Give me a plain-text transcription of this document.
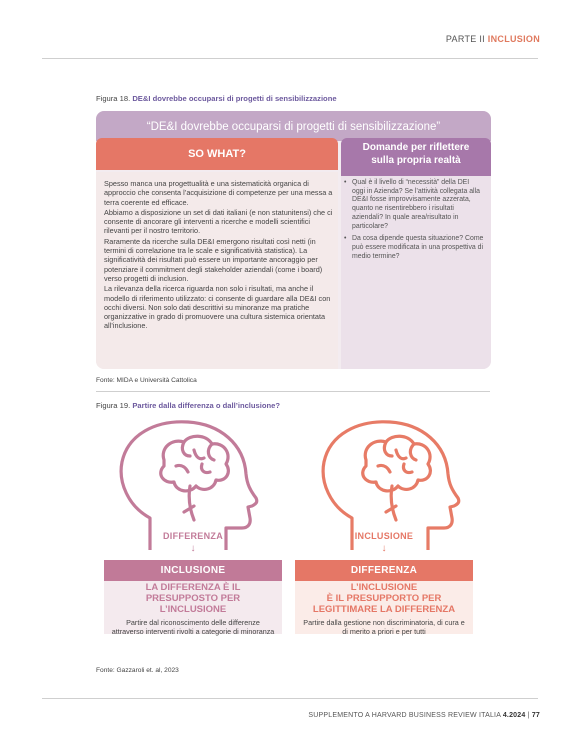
PARTE II INCLUSION
Figura 18. DE&I dovrebbe occuparsi di progetti di sensibilizzazione
“DE&I dovrebbe occuparsi di progetti di sensibilizzazione”
SO WHAT?
Domande per riflettere
sulla propria realtà

Spesso manca una progettualità e una sistematicità organica di approccio che consenta l’acquisizione di competenze per una messa a terra coerente ed efficace.

Abbiamo a disposizione un set di dati italiani (e non statunitensi) che ci consente di ancorare gli interventi a ricerche e modelli scientifici rilevanti per il nostro territorio.

Raramente da ricerche sulla DE&I emergono risultati così netti (in termini di correlazione tra le scale e significatività statistica). La significatività dei risultati può essere un importante ancoraggio per potenziare il commitment degli stakeholder aziendali (come i board) verso progetti di inclusion.

La rilevanza della ricerca riguarda non solo i risultati, ma anche il modello di riferimento utilizzato: ci consente di guardare alla DE&I con occhi diversi. Non solo dati descrittivi su minoranze ma pratiche organizzative in grado di promuovere una cultura sistemica orientata all’inclusione.

• Qual è il livello di “necessità” della DEI oggi in Azienda? Se l’attività collegata alla DE&I fosse improvvisamente azzerata, quanto ne risentirebbero i risultati aziendali? In quale area/risultato in particolare?
• Da cosa dipende questa situazione? Come può essere modificata in una prospettiva di medio termine?
Fonte: MIDA e Università Cattolica
Figura 19. Partire dalla differenza o dall’inclusione?
DIFFERENZA
↓
INCLUSIONE
LA DIFFERENZA È IL
PRESUPPOSTO PER
L’INCLUSIONE
Partire dal riconoscimento delle differenze attraverso interventi rivolti a categorie di minoranza
INCLUSIONE
↓
DIFFERENZA
L’INCLUSIONE
È IL PRESUPPORTO PER
LEGITTIMARE LA DIFFERENZA
Partire dalla gestione non discriminatoria, di cura e di merito a priori e per tutti
Fonte: Gazzaroli et. al, 2023
SUPPLEMENTO A HARVARD BUSINESS REVIEW ITALIA 4.2024 | 77
